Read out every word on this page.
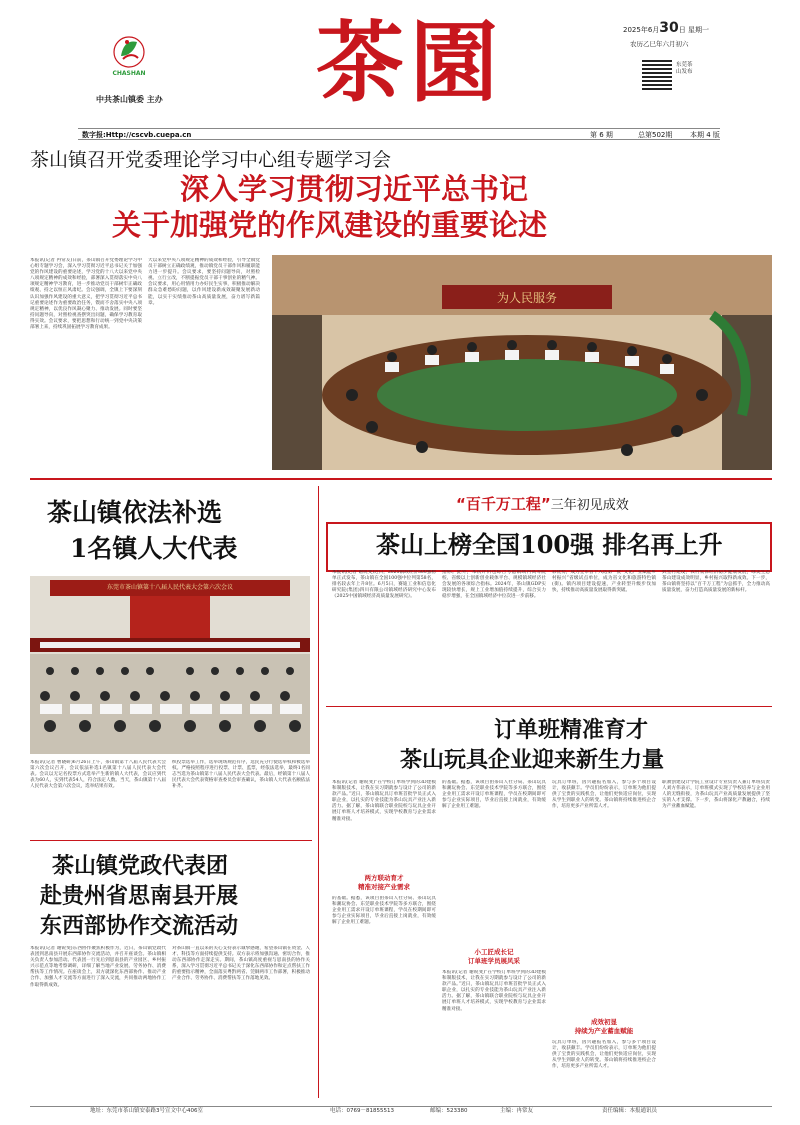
CHASHAN
中共茶山镇委 主办	茶園	2025年6月30日 星期一
农历乙巳年六月初六
东莞茶山发布
数字报:Http://cscvb.cuepa.cn	第 6 期	总第502期	本期 4 版
茶山镇召开党委理论学习中心组专题学习会
深入学习贯彻习近平总书记
关于加强党的作风建设的重要论述
本报讯(记者 冉常友)日前，茶山镇召开党委理论学习中心组专题学习会，深入学习贯彻习近平总书记关于加强党的作风建设的重要论述，学习党的十八大以来党中央八项规定精神的成效和经验，部署深入贯彻落实中央八项规定精神学习教育，进一步推动党员干部树牢正确政绩观、持之以恒正风肃纪。会议强调，全镇上下要深刻认识加强作风建设的重大意义，把学习贯彻习近平总书记重要论述作为重要政治任务，锲而不舍落实中央八项规定精神，以优良作风凝心聚力、推动发展。同时要坚持问题导向，对照检视查摆突出问题，确保学习教育取得实效。会议要求，要把思想和行动统一到党中央决策部署上来，持续巩固拓展学习教育成果。
大以来党中央八项规定精神的成效和经验，引导全镇党员干部树立正确政绩观，推动镇党员干部作风和履职能力进一步提升。会议要求，要坚持问题导向，对照检视、立行立改，不断提振党员干部干事创业的精气神。会议要求，用心用情用力办好民生实事，积极推动解决群众急难愁盼问题，以作风建设新成效凝聚发展新动能，以实干实绩推动茶山高质量发展，奋力谱写新篇章。	为人民服务
茶山镇依法补选
1名镇人大代表
东莞市茶山镇第十八届人民代表大会第六次会议
本报讯(记者 曹晓研)6月26日上午，茶山镇第十八届人民代表大会第六次会议召开，会议依法补选1名镇第十八届人民代表大会代表。会议以无记名投票方式选举产生新的镇人大代表，会议应到代表为60人，实到代表54人，符合法定人数。当天，茶山镇第十八届人民代表大会第六次会议，选举结果有效。
织投票选举工作，选举现场规范有序，选民充分行使选举权和被选举权。严格按照程序进行投票、计票、监票，经依法选举，最终1名同志当选为茶山镇第十八届人民代表大会代表。最后，经镇第十八届人民代表大会代表资格审查委员会审查确认，茶山镇人大代表名额依法补齐。
茶山镇党政代表团
赴贵州省思南县开展
东西部协作交流活动
本报讯(记者 谢锐斐)东西协作聚焦积极作为，近日，茶山镇党政代表团到思南县开展东西部协作交流活动，并召开座谈会。茶山镇相关负责人参加活动。代表团一行先后到思南县的产业园区、乡村振兴示范点等地考察调研，详细了解当地产业发展、劳务协作、消费帮扶等工作情况。在座谈会上，双方就深化东西部协作、推动产业合作、加强人才交流等方面进行了深入交流，共同推动两地协作工作取得新成效。
对茶山镇一直以来的关心支持表示诚挚感谢，希望茶山镇在资金、人才、科技等方面持续提供支持。双方表示将加强沟通、密切合作，推动东西部协作走深走实。期间，茶山镇高度重视与思南县的协作关系，深入学习贯彻习近平总书记关于深化东西部协作和定点帮扶工作的重要指示精神，全面落实粤黔两省、莞铜两市工作部署，积极推动产业合作、劳务协作、消费帮扶等工作落地见效。
“百千万工程”三年初见成效
茶山上榜全国100强 排名再上升
本报讯(记者 谢锐斐)近日，2025镇域经济500强榜单正式发布，茶山镇在全国100强中位列第58名，排名较去年上升8位。6月5日，赛迪工业和信息化研究院(集团)四川有限公司镇域经济研究中心发布《2025中国镇域经济高质量发展研究》。
指标。此外，本次评价也综合考虑镇域内高等院校、省级以上创新创业载体平台、规模镇域经济社会发展的各项综合指标。2024年，茶山镇GDP实现较快增长，规上工业增加值持续提升，综合实力稳步增强，在全国镇域经济中位次进一步前移。
彩优势，成为全市首个入选第一批“文化产业赋能乡村振兴”省级试点单位，成为省文化和旅游特色镇(街)。镇内项目建设提速，产业转型升级步伐加快，持续推动高质量发展取得新突破。
典型村建设，农村集体经济稳步健康发展，绿美生态茶山建设成效明显，乡村振兴取得新成效。下一步，茶山镇将坚持以“百千万工程”为总抓手，全力推动高质量发展，奋力打造高质量发展的新标杆。
订单班精准育才
茶山玩具企业迎来新生力量
本报讯(记者 谢锐斐)“在学校订单班学到的3D建模和制版技术，让我在实习期就参与设计了公司的新款产品。”近日，茶山镇玩具订单班首批学员正式入职企业，以扎实的专业技能为茶山玩具产业注入新活力。据了解，茶山镇联合职业院校与玩具企业开展订单班人才培养模式，实现学校教育与企业需求精准对接。
两方联动育才
精准对接产业需求
的基础。据悉，该项目由茶山人社分局、茶山玩具和潮玩协会、东莞职业技术学院等多方联合，围绕企业用工需求开设订单班课程，学员在校期间即可参与企业实际项目，毕业后直接上岗就业，有效缓解了企业用工难题。
的基础。据悉，该项目由茶山人社分局、茶山玩具和潮玩协会、东莞职业技术学院等多方联合，围绕企业用工需求开设订单班课程，学员在校期间即可参与企业实际项目，毕业后直接上岗就业，有效缓解了企业用工难题。
小工匠成长记
订单班学员展风采
本报讯(记者 谢锐斐)“在学校订单班学到的3D建模和制版技术，让我在实习期就参与设计了公司的新款产品。”近日，茶山镇玩具订单班首批学员正式入职企业，以扎实的专业技能为茶山玩具产业注入新活力。据了解，茶山镇联合职业院校与玩具企业开展订单班人才培养模式，实现学校教育与企业需求精准对接。
玩具订单班，因兴趣报名加入，参与多个项目设计，收获颇丰。学员们纷纷表示，订单班为他们提供了宝贵的实践机会，让他们更快适应岗位，实现从学生到职业人的转变。茶山镇将持续推进校企合作，培育更多产业所需人才。
成效初显
持续为产业蓄血赋能
玩具订单班，因兴趣报名加入，参与多个项目设计，收获颇丰。学员们纷纷表示，订单班为他们提供了宝贵的实践机会，让他们更快适应岗位，实现从学生到职业人的转变。茶山镇将持续推进校企合作，培育更多产业所需人才。
职教创建设计学院工业设计专业负责人兼订单班负责人刘方伟表示，订单班模式实现了学校培养与企业用人的无缝衔接，为茶山玩具产业高质量发展提供了坚实的人才支撑。下一步，茶山将深化产教融合，持续为产业蓄血赋能。
地址：东莞市茶山镇安泰路3号宣文中心406室	电话：0769－81855513	邮编：523380	主编：冉常友	责任编辑：本报通讯员
